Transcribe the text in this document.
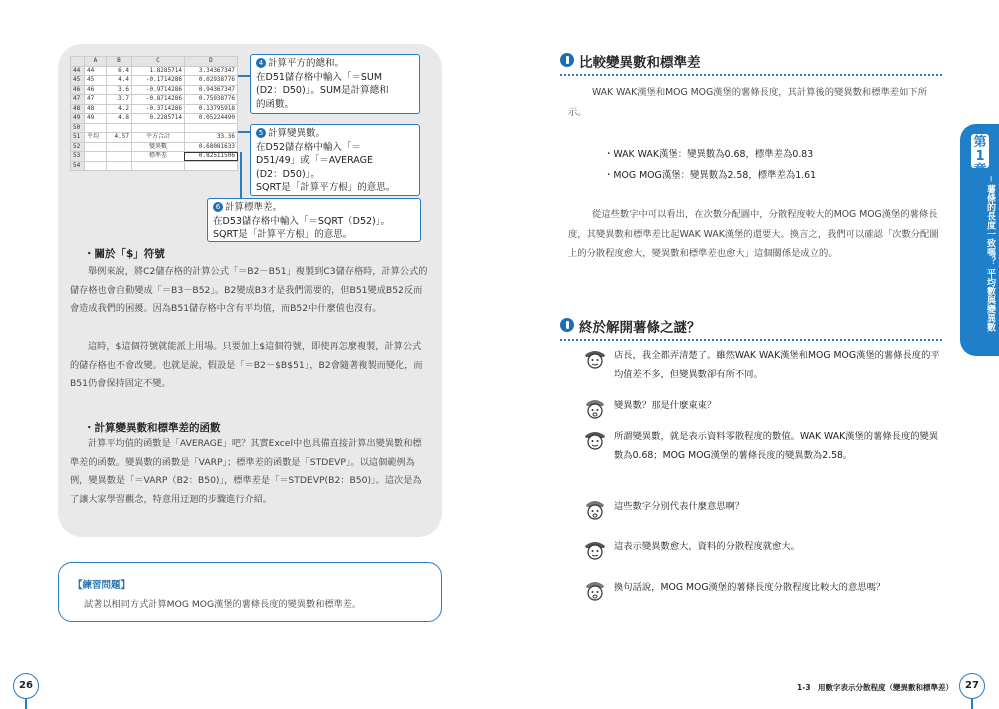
	A	B	C	D
44	44	6.4	1.8285714	3.34367347
45	45	4.4	-0.1714286	0.02938776
46	46	3.6	-0.9714286	0.94367347
47	47	3.7	-0.8714286	0.75938776
48	48	4.2	-0.3714286	0.13795918
49	49	4.8	0.2285714	0.05224490
50				
51	平均	4.57	平方合計	33.36
52			變異數	0.68081633
53			標準差	0.82511506
54				
4 計算平方的總和。
在D51儲存格中輸入「＝SUM
(D2：D50)」。SUM是計算總和
的函數。
5 計算變異數。
在D52儲存格中輸入「＝
D51/49」或「＝AVERAGE
(D2：D50)」。
SQRT是「計算平方根」的意思。
6 計算標準差。
在D53儲存格中輸入「＝SQRT（D52)」。
SQRT是「計算平方根」的意思。
・關於「$」符號
舉例來說，將C2儲存格的計算公式「＝B2－B51」複製到C3儲存格時，計算公式的儲存格也會自動變成「＝B3－B52」。B2變成B3才是我們需要的，但B51變成B52反而會造成我們的困擾。因為B51儲存格中含有平均值，而B52中什麼值也沒有。
這時，$這個符號就能派上用場。只要加上$這個符號，即使再怎麼複製，計算公式的儲存格也不會改變。也就是說，假設是「＝B2－$B$51」，B2會隨著複製而變化，而B51仍會保持固定不變。
・計算變異數和標準差的函數
計算平均值的函數是「AVERAGE」吧？其實Excel中也具備直接計算出變異數和標準差的函數。變異數的函數是「VARP」；標準差的函數是「STDEVP」。以這個範例為例，變異數是「＝VARP（B2：B50)」，標準差是「＝STDEVP(B2：B50)」。這次是為了讓大家學習觀念，特意用迂迴的步驟進行介紹。
【練習問題】
試著以相同方式計算MOG MOG漢堡的薯條長度的變異數和標準差。
26
比較變異數和標準差
WAK WAK漢堡和MOG MOG漢堡的薯條長度，其計算後的變異數和標準差如下所示。
・WAK WAK漢堡：變異數為0.68，標準差為0.83
・MOG MOG漢堡：變異數為2.58，標準差為1.61
從這些數字中可以看出，在次數分配圖中，分散程度較大的MOG MOG漢堡的薯條長度，其變異數和標準差比起WAK WAK漢堡的還要大。換言之，我們可以確認「次數分配圖上的分散程度愈大，變異數和標準差也愈大」這個關係是成立的。
終於解開薯條之謎？
店長，我全都弄清楚了。雖然WAK WAK漢堡和MOG MOG漢堡的薯條長度的平均值差不多，但變異數卻有所不同。
變異數？那是什麼東東？
所謂變異數，就是表示資料零散程度的數值。WAK WAK漢堡的薯條長度的變異數為0.68；MOG MOG漢堡的薯條長度的變異數為2.58。
這些數字分別代表什麼意思啊？
這表示變異數愈大，資料的分散程度就愈大。
換句話說，MOG MOG漢堡的薯條長度分散程度比較大的意思嗎？
第1章
─ 薯條的長度一致嗎？ 平均數與變異數
1-3　用數字表示分散程度（變異數和標準差）	27
